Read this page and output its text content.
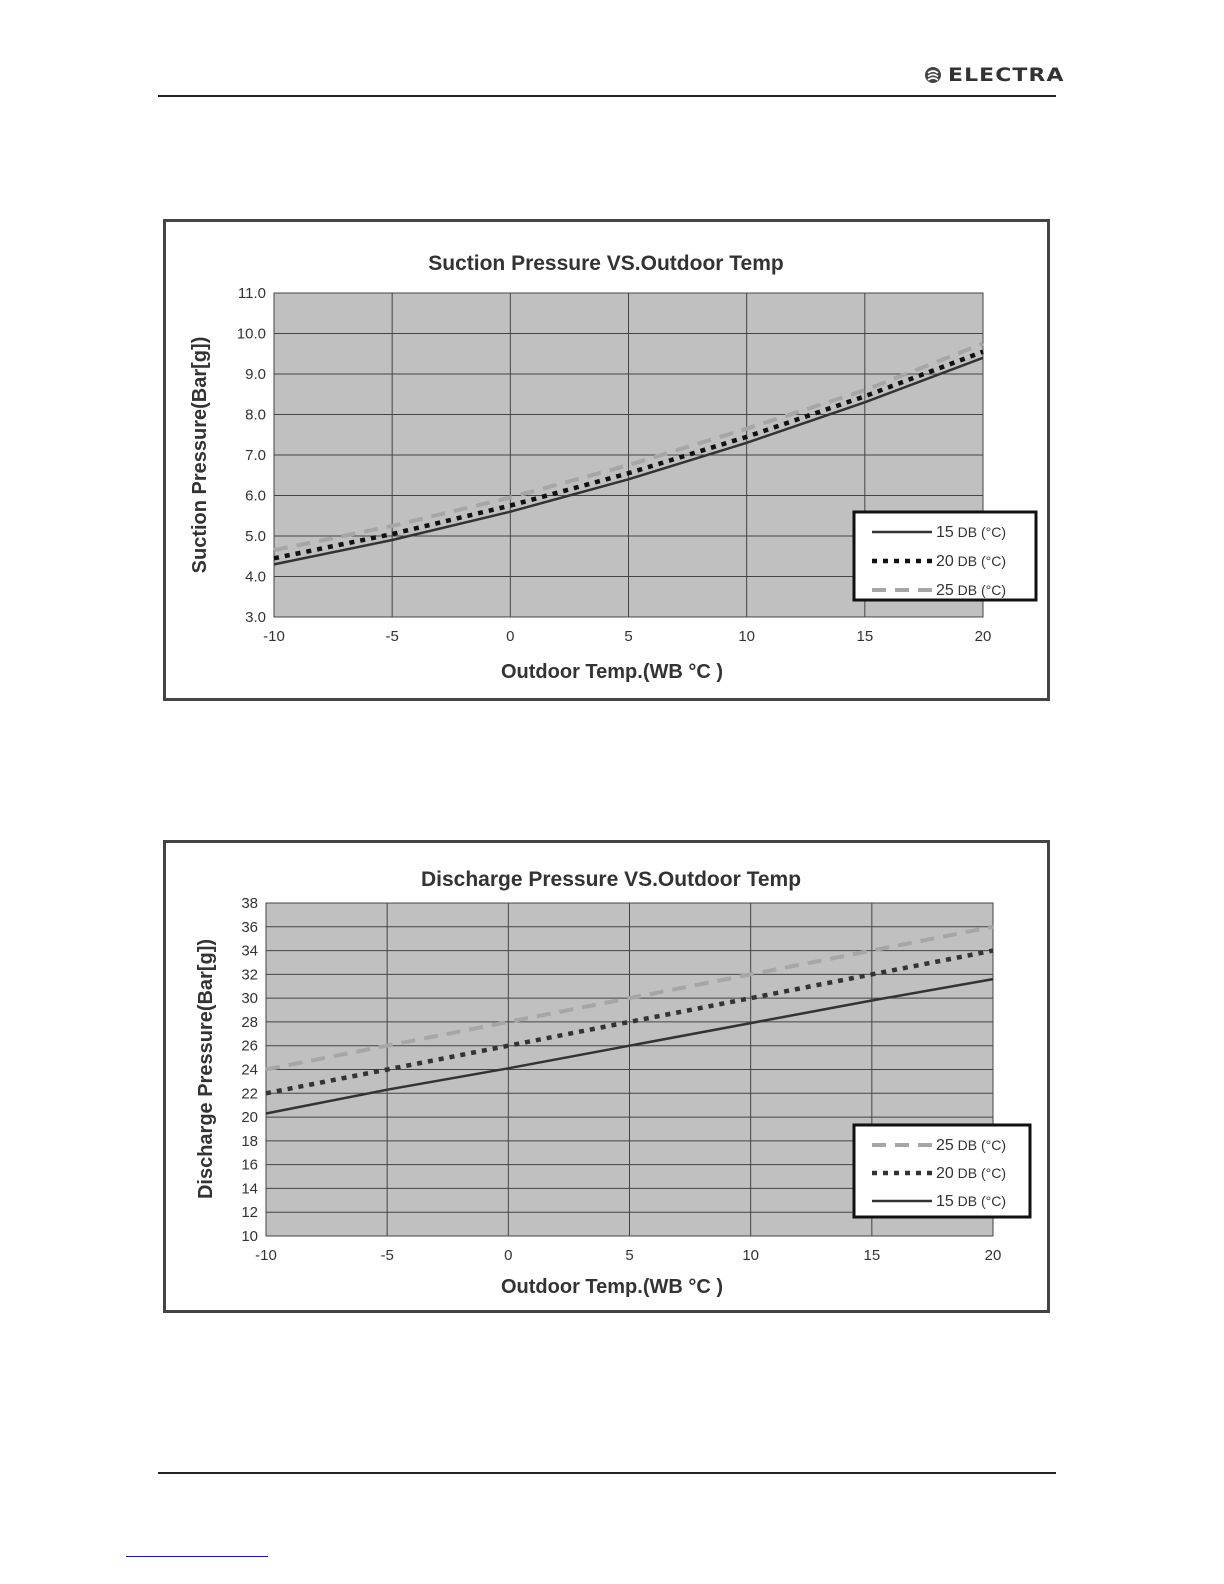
ELECTRA
3.0
4.0
5.0
6.0
7.0
8.0
9.0
10.0
11.0
-10	-5	0	5	10	15	20
Suction Pressure VS.Outdoor Temp
Outdoor Temp.(WB °C )
Suction Pressure(Bar[g])	15 DB (°C)
20 DB (°C)
25 DB (°C)
10
12
14
16
18
20
22
24
26
28
30
32
34
36
38
-10	-5	0	5	10	15	20
Discharge Pressure VS.Outdoor Temp
Outdoor Temp.(WB °C )
Discharge Pressure(Bar[g])	25 DB (°C)
20 DB (°C)
15 DB (°C)
